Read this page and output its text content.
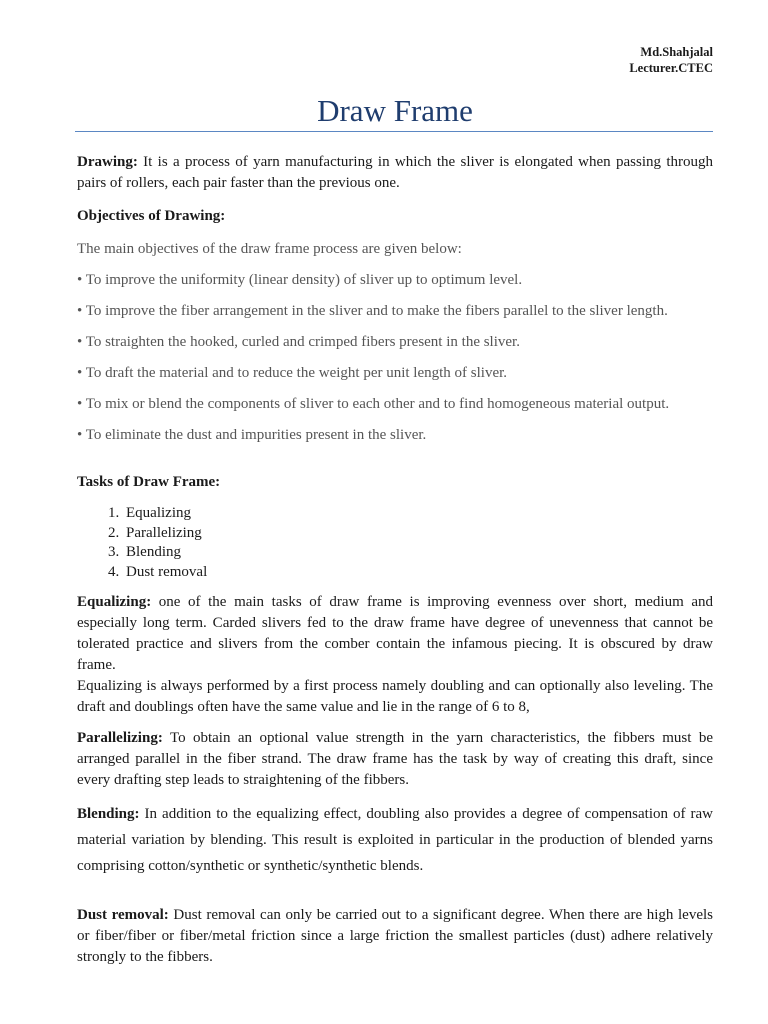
Md.Shahjalal
Lecturer.CTEC
Draw Frame

Drawing: It is a process of yarn manufacturing in which the sliver is elongated when passing through pairs of rollers, each pair faster than the previous one.

Objectives of Drawing:

The main objectives of the draw frame process are given below:

• To improve the uniformity (linear density) of sliver up to optimum level.

• To improve the fiber arrangement in the sliver and to make the fibers parallel to the sliver length.

• To straighten the hooked, curled and crimped fibers present in the sliver.

• To draft the material and to reduce the weight per unit length of sliver.

• To mix or blend the components of sliver to each other and to find homogeneous material output.

• To eliminate the dust and impurities present in the sliver.

Tasks of Draw Frame:

1. Equalizing
2. Parallelizing
3. Blending
4. Dust removal

Equalizing: one of the main tasks of draw frame is improving evenness over short, medium and especially long term. Carded slivers fed to the draw frame have degree of unevenness that cannot be tolerated practice and slivers from the comber contain the infamous piecing. It is obscured by draw frame.

Equalizing is always performed by a first process namely doubling and can optionally also leveling. The draft and doublings often have the same value and lie in the range of 6 to 8,

Parallelizing: To obtain an optional value strength in the yarn characteristics, the fibbers must be arranged parallel in the fiber strand. The draw frame has the task by way of creating this draft, since every drafting step leads to straightening of the fibbers.

Blending: In addition to the equalizing effect, doubling also provides a degree of compensation of raw material variation by blending. This result is exploited in particular in the production of blended yarns comprising cotton/synthetic or synthetic/synthetic blends.

Dust removal: Dust removal can only be carried out to a significant degree. When there are high levels or fiber/fiber or fiber/metal friction since a large friction the smallest particles (dust) adhere relatively strongly to the fibbers.
